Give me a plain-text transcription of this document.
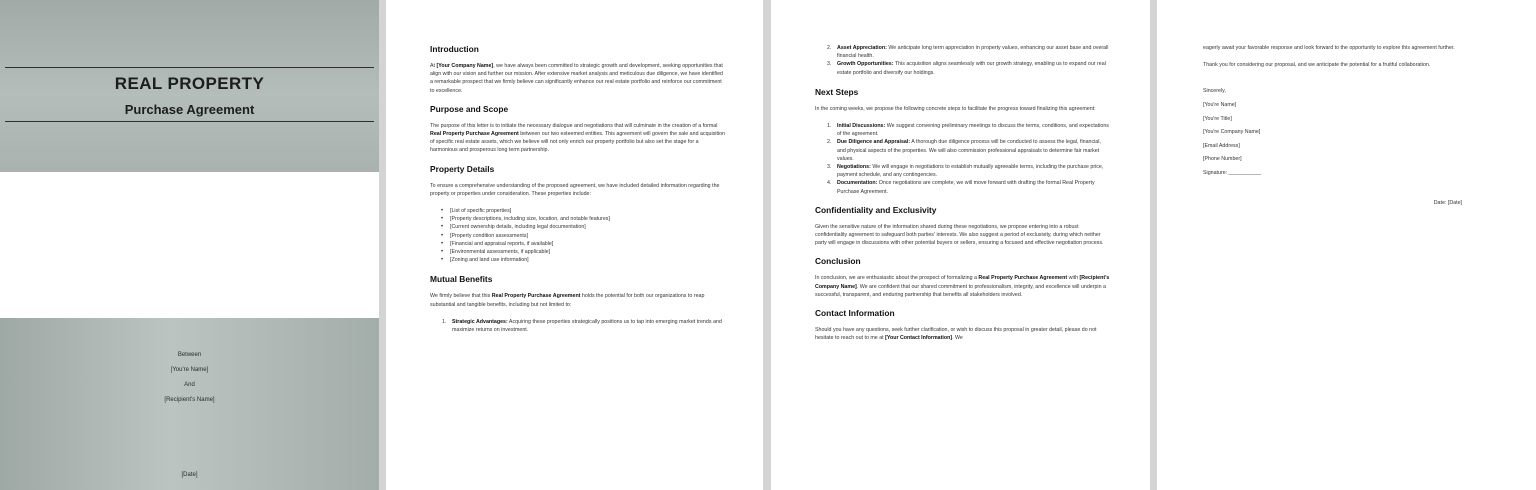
REAL PROPERTY
Purchase Agreement
Between
[You're Name]
And
[Recipient's Name]
[Date]
Introduction
At [Your Company Name], we have always been committed to strategic growth and development, seeking opportunities that align with our vision and further our mission. After extensive market analysis and meticulous due diligence, we have identified a remarkable prospect that we firmly believe can significantly enhance our real estate portfolio and reinforce our commitment to excellence.
Purpose and Scope
The purpose of this letter is to initiate the necessary dialogue and negotiations that will culminate in the creation of a formal Real Property Purchase Agreement between our two esteemed entities. This agreement will govern the sale and acquisition of specific real estate assets, which we believe will not only enrich our property portfolio but also set the stage for a harmonious and prosperous long term partnership.
Property Details
To ensure a comprehensive understanding of the proposed agreement, we have included detailed information regarding the property or properties under consideration. These properties include:
• [List of specific properties]
• [Property descriptions, including size, location, and notable features]
• [Current ownership details, including legal documentation]
• [Property condition assessments]
• [Financial and appraisal reports, if available]
• [Environmental assessments, if applicable]
• [Zoning and land use information]
Mutual Benefits
We firmly believe that this Real Property Purchase Agreement holds the potential for both our organizations to reap substantial and tangible benefits, including but not limited to:
1. Strategic Advantages: Acquiring these properties strategically positions us to tap into emerging market trends and maximize returns on investment.
2. Asset Appreciation: We anticipate long term appreciation in property values, enhancing our asset base and overall financial health.
3. Growth Opportunities: This acquisition aligns seamlessly with our growth strategy, enabling us to expand our real estate portfolio and diversify our holdings.
Next Steps
In the coming weeks, we propose the following concrete steps to facilitate the progress toward finalizing this agreement:
1. Initial Discussions: We suggest convening preliminary meetings to discuss the terms, conditions, and expectations of the agreement.
2. Due Diligence and Appraisal: A thorough due diligence process will be conducted to assess the legal, financial, and physical aspects of the properties. We will also commission professional appraisals to determine fair market values.
3. Negotiations: We will engage in negotiations to establish mutually agreeable terms, including the purchase price, payment schedule, and any contingencies.
4. Documentation: Once negotiations are complete, we will move forward with drafting the formal Real Property Purchase Agreement.
Confidentiality and Exclusivity
Given the sensitive nature of the information shared during these negotiations, we propose entering into a robust confidentiality agreement to safeguard both parties' interests. We also suggest a period of exclusivity, during which neither party will engage in discussions with other potential buyers or sellers, ensuring a focused and effective negotiation process.
Conclusion
In conclusion, we are enthusiastic about the prospect of formalizing a Real Property Purchase Agreement with [Recipient's Company Name]. We are confident that our shared commitment to professionalism, integrity, and excellence will underpin a successful, transparent, and enduring partnership that benefits all stakeholders involved.
Contact Information
Should you have any questions, seek further clarification, or wish to discuss this proposal in greater detail, please do not hesitate to reach out to me at [Your Contact Information]. We
eagerly await your favorable response and look forward to the opportunity to explore this agreement further.
Thank you for considering our proposal, and we anticipate the potential for a fruitful collaboration.
Sincerely,
[You're Name]
[You're Title]
[You're Company Name]
[Email Address]
[Phone Number]
Signature: ___________
Date: [Date]
